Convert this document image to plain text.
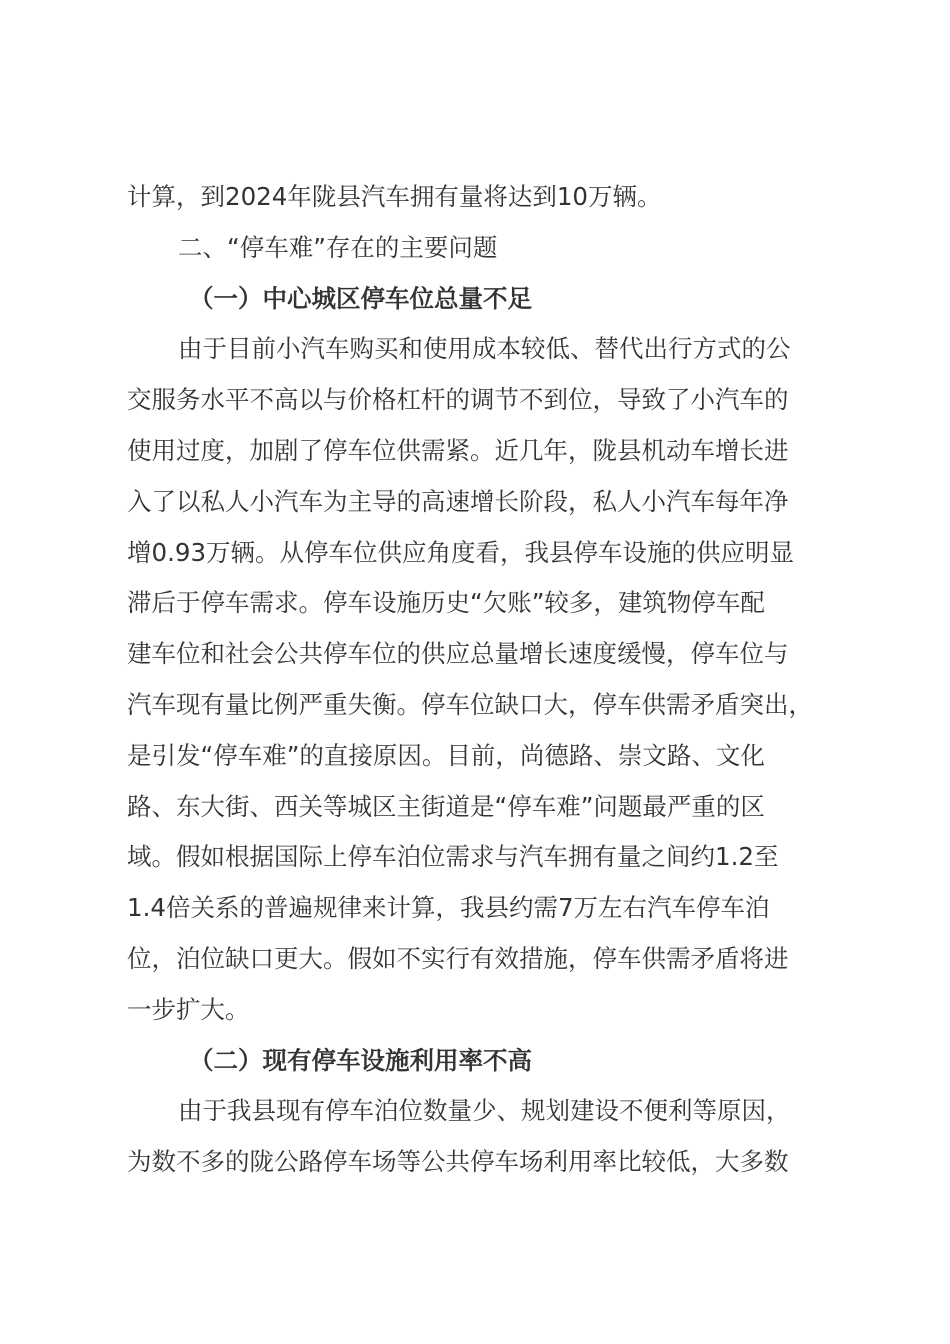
计算，到2024年陇县汽车拥有量将达到10万辆。
二、“停车难”存在的主要问题
（一）中心城区停车位总量不足
由于目前小汽车购买和使用成本较低、替代出行方式的公
交服务水平不高以与价格杠杆的调节不到位，导致了小汽车的
使用过度，加剧了停车位供需紧。近几年，陇县机动车增长进
入了以私人小汽车为主导的高速增长阶段，私人小汽车每年净
增0.93万辆。从停车位供应角度看，我县停车设施的供应明显
滞后于停车需求。停车设施历史“欠账”较多，建筑物停车配
建车位和社会公共停车位的供应总量增长速度缓慢，停车位与
汽车现有量比例严重失衡。停车位缺口大，停车供需矛盾突出，
是引发“停车难”的直接原因。目前，尚德路、崇文路、文化
路、东大街、西关等城区主街道是“停车难”问题最严重的区
域。假如根据国际上停车泊位需求与汽车拥有量之间约1.2至
1.4倍关系的普遍规律来计算，我县约需7万左右汽车停车泊
位，泊位缺口更大。假如不实行有效措施，停车供需矛盾将进
一步扩大。
（二）现有停车设施利用率不高
由于我县现有停车泊位数量少、规划建设不便利等原因，
为数不多的陇公路停车场等公共停车场利用率比较低，大多数
